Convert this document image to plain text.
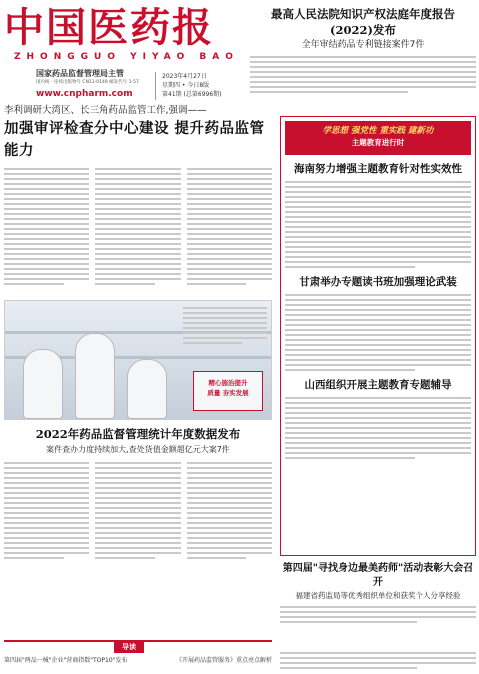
中国医药报
ZHONGGUO YIYAO BAO
国家药品监督管理局主管
国内统一连续出版物号 CN11-0149 邮发代号 1-57
www.cnpharm.com
2023年4月27日
星期四 • 今日8版
第41期 (总第6996期)
最高人民法院知识产权法庭年度报告(2022)发布
全年审结药品专利链接案件7件
李利调研大湾区、长三角药品监管工作,强调——
加强审评检查分中心建设 提升药品监管能力
精心施治提升
质量 夯实发展
2022年药品监督管理统计年度数据发布
案件查办力度持续加大,查处货值金额超亿元大案7件
学思想 强党性 重实践 建新功
主题教育进行时
海南努力增强主题教育针对性实效性
甘肃举办专题读书班加强理论武装
山西组织开展主题教育专题辅导
第四届"寻找身边最美药师"活动表彰大会召开
福建省药监局等优秀组织单位和获奖个人分享经验
导读
第四届"两品一械"企业"营商指数"TOP10"发布	《开展药品监管服务》重点亮点解析
